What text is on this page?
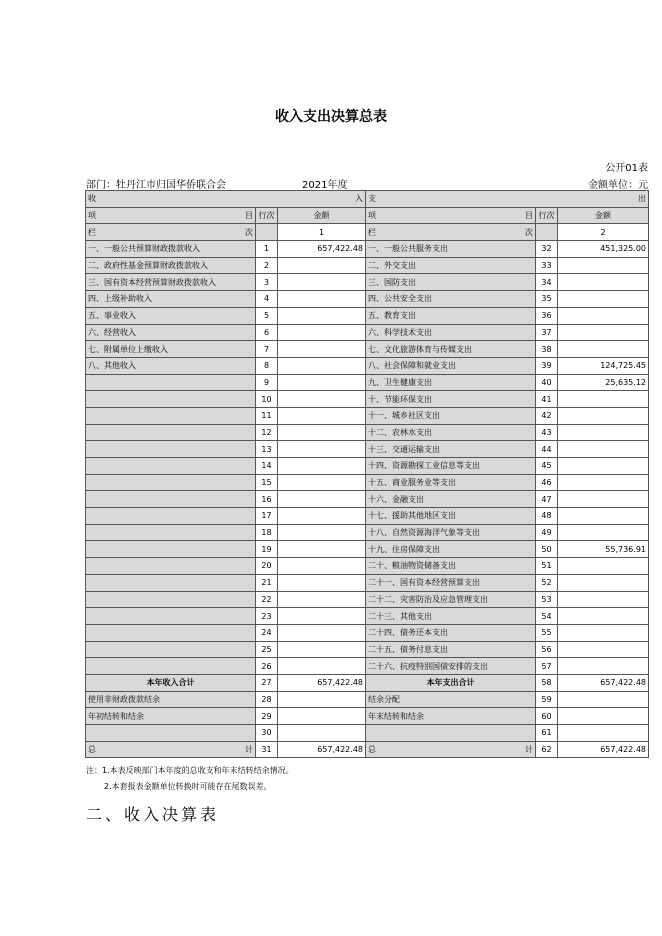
收入支出决算总表
公开01表
部门：牡丹江市归国华侨联合会	2021年度	金额单位：元
收 入			支 出		

项 目	行次	金额	项 目	行次	金额

栏 次		1	栏 次		2
一、一般公共预算财政拨款收入	1	657,422.48	一、一般公共服务支出	32	451,325.00
二、政府性基金预算财政拨款收入	2		二、外交支出	33	
三、国有资本经营预算财政拨款收入	3		三、国防支出	34	
四、上级补助收入	4		四、公共安全支出	35	
五、事业收入	5		五、教育支出	36	
六、经营收入	6		六、科学技术支出	37	
七、附属单位上缴收入	7		七、文化旅游体育与传媒支出	38	
八、其他收入	8		八、社会保障和就业支出	39	124,725.45
	9		九、卫生健康支出	40	25,635.12
	10		十、节能环保支出	41	
	11		十一、城乡社区支出	42	
	12		十二、农林水支出	43	
	13		十三、交通运输支出	44	
	14		十四、资源勘探工业信息等支出	45	
	15		十五、商业服务业等支出	46	
	16		十六、金融支出	47	
	17		十七、援助其他地区支出	48	
	18		十八、自然资源海洋气象等支出	49	
	19		十九、住房保障支出	50	55,736.91
	20		二十、粮油物资储备支出	51	
	21		二十一、国有资本经营预算支出	52	
	22		二十二、灾害防治及应急管理支出	53	
	23		二十三、其他支出	54	
	24		二十四、债务还本支出	55	
	25		二十五、债务付息支出	56	
	26		二十六、抗疫特别国债安排的支出	57	
本年收入合计	27	657,422.48	本年支出合计	58	657,422.48
使用非财政拨款结余	28		结余分配	59	
年初结转和结余	29		年末结转和结余	60	
	30			61	

总 计	31	657,422.48	总 计	62	657,422.48
注：1.本表反映部门本年度的总收支和年末结转结余情况。
2.本套报表金额单位转换时可能存在尾数误差。
二、收入决算表
